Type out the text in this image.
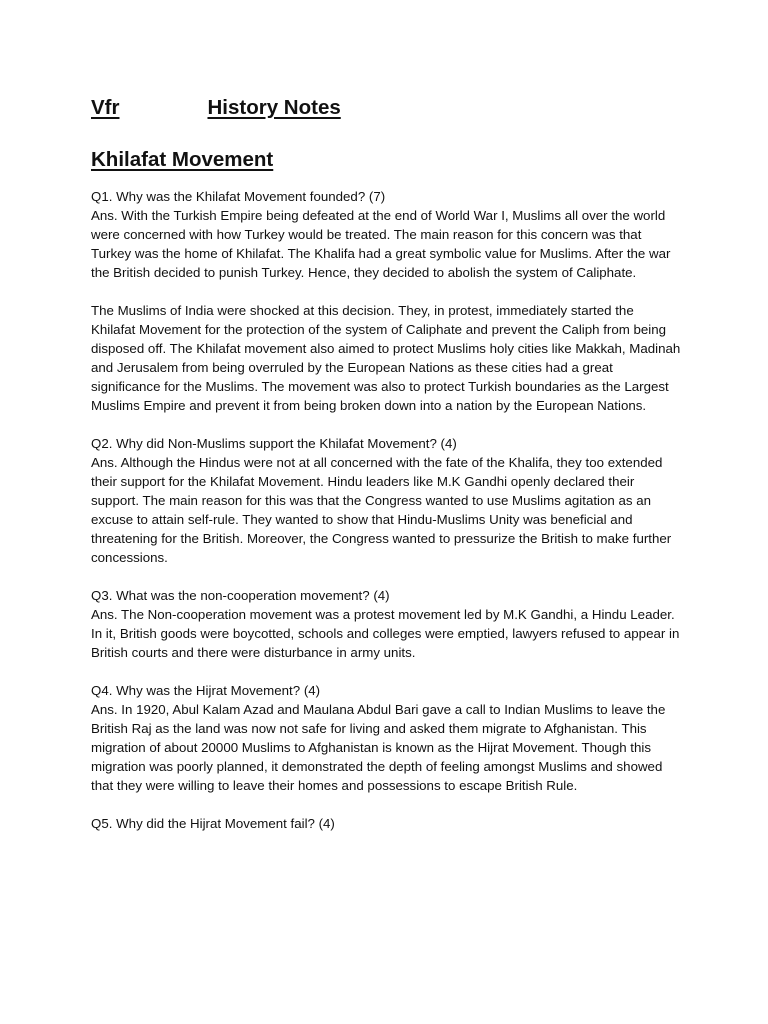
Vfr	History Notes
Khilafat Movement

Q1. Why was the Khilafat Movement founded? (7)

Ans. With the Turkish Empire being defeated at the end of World War I, Muslims all over the world were concerned with how Turkey would be treated. The main reason for this concern was that Turkey was the home of Khilafat. The Khalifa had a great symbolic value for Muslims. After the war the British decided to punish Turkey. Hence, they decided to abolish the system of Caliphate.

The Muslims of India were shocked at this decision. They, in protest, immediately started the Khilafat Movement for the protection of the system of Caliphate and prevent the Caliph from being disposed off. The Khilafat movement also aimed to protect Muslims holy cities like Makkah, Madinah and Jerusalem from being overruled by the European Nations as these cities had a great significance for the Muslims. The movement was also to protect Turkish boundaries as the Largest Muslims Empire and prevent it from being broken down into a nation by the European Nations.

Q2. Why did Non-Muslims support the Khilafat Movement? (4)

Ans. Although the Hindus were not at all concerned with the fate of the Khalifa, they too extended their support for the Khilafat Movement. Hindu leaders like M.K Gandhi openly declared their support. The main reason for this was that the Congress wanted to use Muslims agitation as an excuse to attain self-rule. They wanted to show that Hindu-Muslims Unity was beneficial and threatening for the British. Moreover, the Congress wanted to pressurize the British to make further concessions.

Q3. What was the non-cooperation movement? (4)

Ans. The Non-cooperation movement was a protest movement led by M.K Gandhi, a Hindu Leader. In it, British goods were boycotted, schools and colleges were emptied, lawyers refused to appear in British courts and there were disturbance in army units.

Q4. Why was the Hijrat Movement? (4)

Ans. In 1920, Abul Kalam Azad and Maulana Abdul Bari gave a call to Indian Muslims to leave the British Raj as the land was now not safe for living and asked them migrate to Afghanistan. This migration of about 20000 Muslims to Afghanistan is known as the Hijrat Movement. Though this migration was poorly planned, it demonstrated the depth of feeling amongst Muslims and showed that they were willing to leave their homes and possessions to escape British Rule.

Q5. Why did the Hijrat Movement fail? (4)
